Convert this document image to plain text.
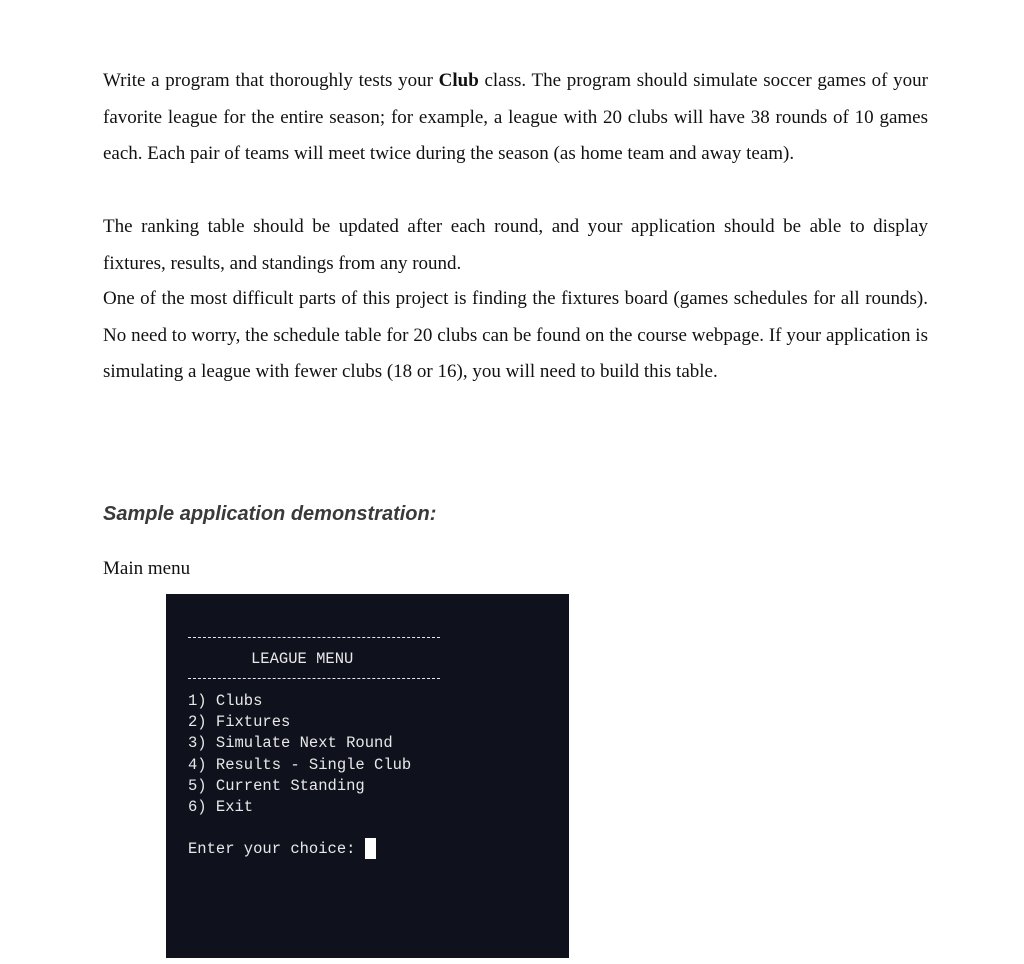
Write a program that thoroughly tests your Club class. The program should simulate soccer games of your favorite league for the entire season; for example, a league with 20 clubs will have 38 rounds of 10 games each. Each pair of teams will meet twice during the season (as home team and away team).

The ranking table should be updated after each round, and your application should be able to display fixtures, results, and standings from any round.

One of the most difficult parts of this project is finding the fixtures board (games schedules for all rounds). No need to worry, the schedule table for 20 clubs can be found on the course webpage. If your application is simulating a league with fewer clubs (18 or 16), you will need to build this table.

Sample application demonstration:

Main menu

LEAGUE MENU
1) Clubs
2) Fixtures
3) Simulate Next Round
4) Results - Single Club
5) Current Standing
6) Exit
Enter your choice:
